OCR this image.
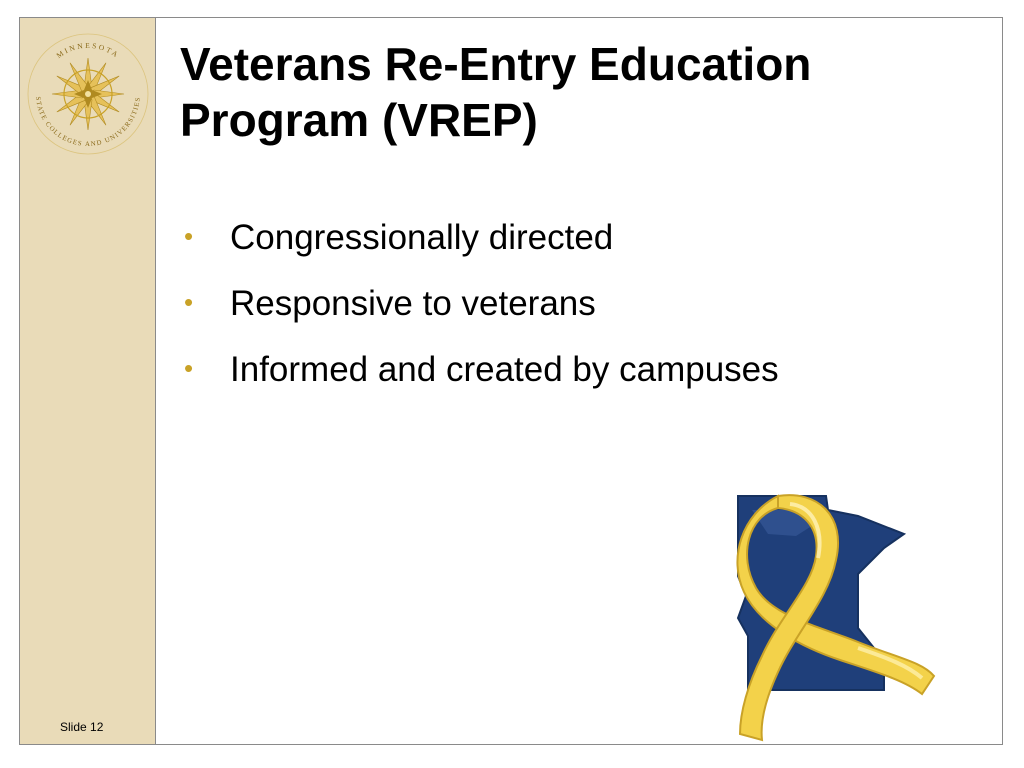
MINNESOTA
STATE COLLEGES AND UNIVERSITIES
Slide 12
Veterans Re-Entry Education
Program (VREP)
•	Congressionally directed
•	Responsive to veterans
•	Informed and created by campuses
